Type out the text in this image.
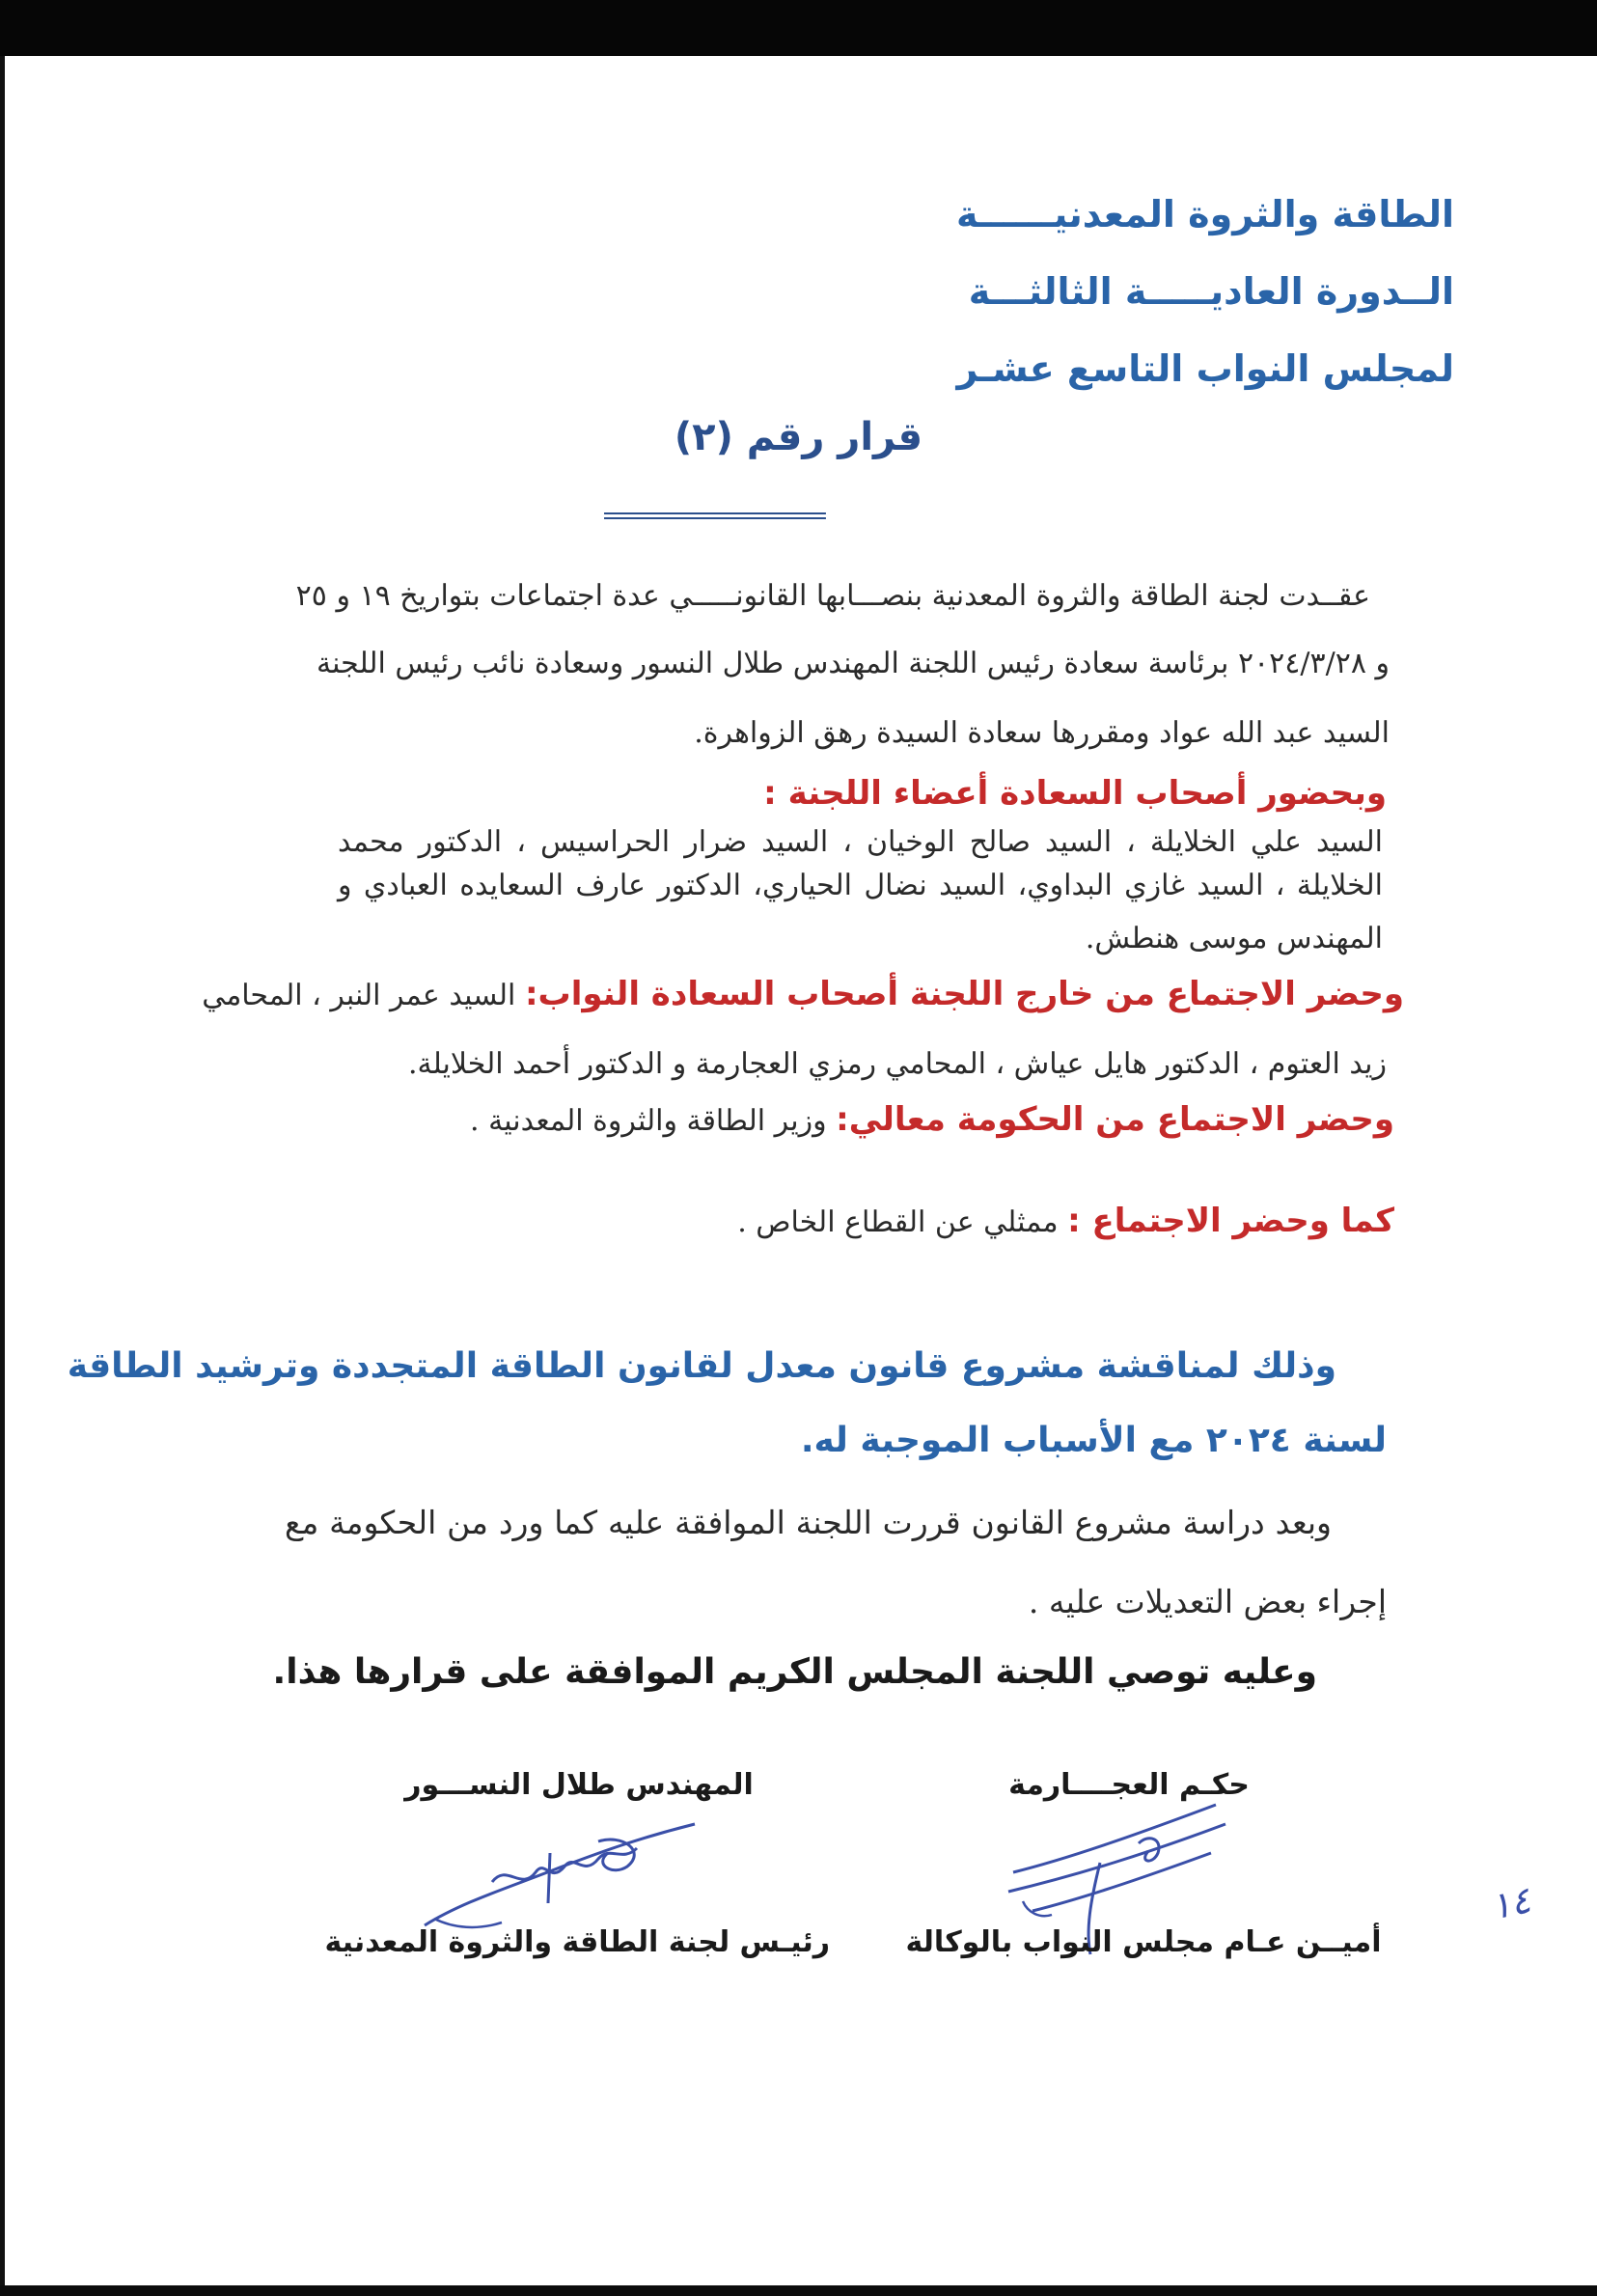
الطاقة والثروة المعدنيــــــة
الــدورة العاديـــــة الثالثـــة
لمجلس النواب التاسع عشـر
قرار رقم (٢)
====================
عقــدت لجنة الطاقة والثروة المعدنية بنصـــابها القانونـــــي عدة اجتماعات بتواريخ ١٩ و ٢٥
و ٢٠٢٤/٣/٢٨ برئاسة سعادة رئيس اللجنة المهندس طلال النسور وسعادة نائب رئيس اللجنة
السيد عبد الله عواد ومقررها سعادة السيدة رهق الزواهرة.
وبحضور أصحاب السعادة أعضاء اللجنة :
السيد علي الخلايلة ، السيد صالح الوخيان ، السيد ضرار الحراسيس ، الدكتور محمد
الخلايلة ، السيد غازي البداوي، السيد نضال الحياري، الدكتور عارف السعايده العبادي و
المهندس موسى هنطش.
وحضر الاجتماع من خارج اللجنة أصحاب السعادة النواب: السيد عمر النبر ، المحامي
زيد العتوم ، الدكتور هايل عياش ، المحامي رمزي العجارمة و الدكتور أحمد الخلايلة.
وحضر الاجتماع من الحكومة معالي: وزير الطاقة والثروة المعدنية .
كما وحضر الاجتماع : ممثلي عن القطاع الخاص .
وذلك لمناقشة مشروع قانون معدل لقانون الطاقة المتجددة وترشيد الطاقة
لسنة ٢٠٢٤ مع الأسباب الموجبة له.
وبعد دراسة مشروع القانون قررت اللجنة الموافقة عليه كما ورد من الحكومة مع
إجراء بعض التعديلات عليه .
وعليه توصي اللجنة المجلس الكريم الموافقة على قرارها هذا.
المهندس طلال النســـور	حكـم العجــــارمة
رئيـس لجنة الطاقة والثروة المعدنية	أميــن عـام مجلس النواب بالوكالة
١٤
